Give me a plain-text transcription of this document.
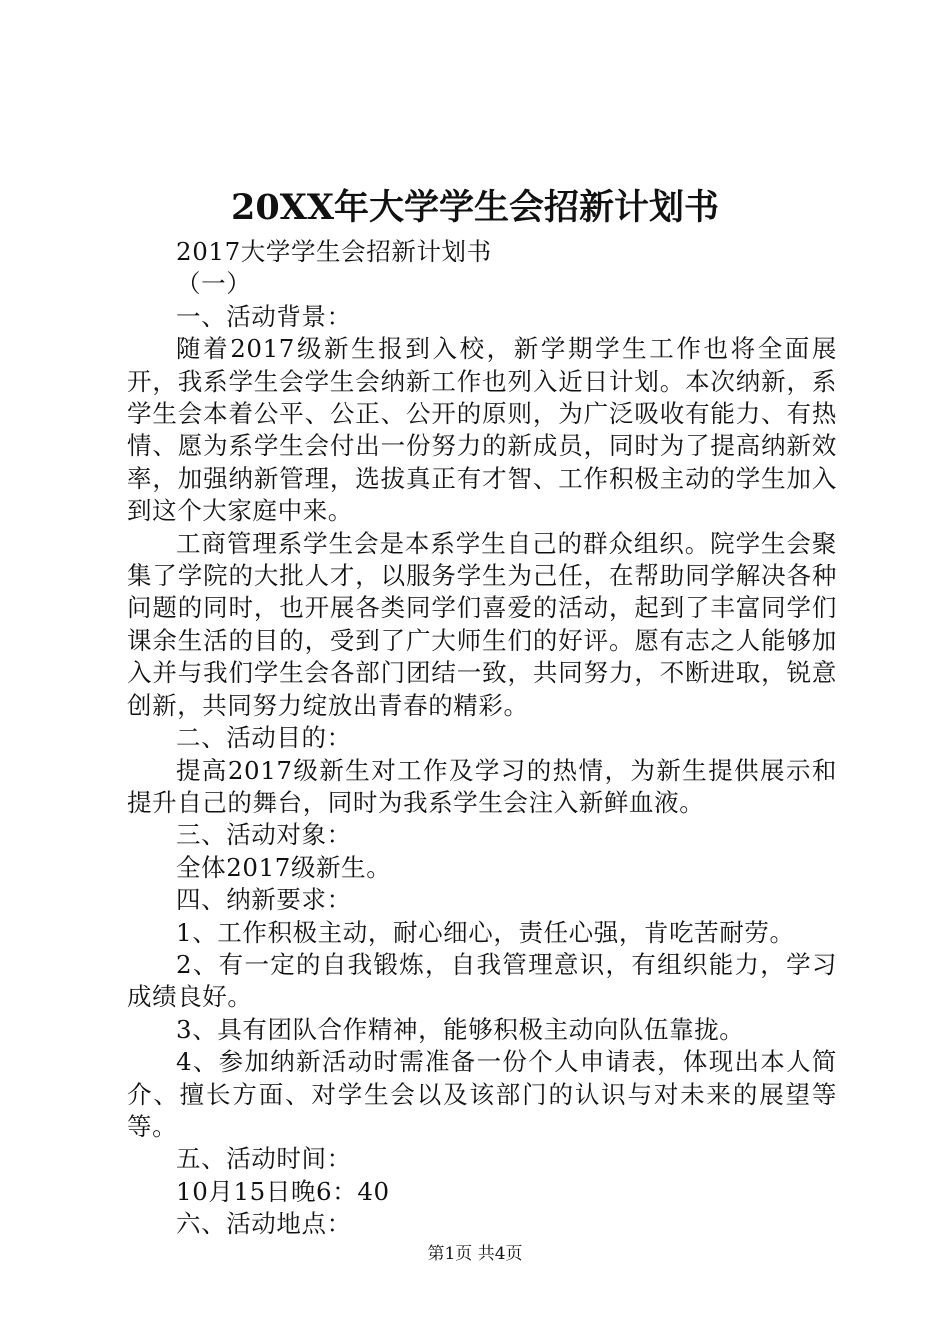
20XX年大学学生会招新计划书

2017大学学生会招新计划书

（一）

一、活动背景：

随着2017级新生报到入校，新学期学生工作也将全面展开，我系学生会学生会纳新工作也列入近日计划。本次纳新，系学生会本着公平、公正、公开的原则，为广泛吸收有能力、有热情、愿为系学生会付出一份努力的新成员，同时为了提高纳新效率，加强纳新管理，选拔真正有才智、工作积极主动的学生加入到这个大家庭中来。

工商管理系学生会是本系学生自己的群众组织。院学生会聚集了学院的大批人才，以服务学生为己任，在帮助同学解决各种问题的同时，也开展各类同学们喜爱的活动，起到了丰富同学们课余生活的目的，受到了广大师生们的好评。愿有志之人能够加入并与我们学生会各部门团结一致，共同努力，不断进取，锐意创新，共同努力绽放出青春的精彩。

二、活动目的：

提高2017级新生对工作及学习的热情，为新生提供展示和提升自己的舞台，同时为我系学生会注入新鲜血液。

三、活动对象：

全体2017级新生。

四、纳新要求：

1、工作积极主动，耐心细心，责任心强，肯吃苦耐劳。

2、有一定的自我锻炼，自我管理意识，有组织能力，学习成绩良好。

3、具有团队合作精神，能够积极主动向队伍靠拢。

4、参加纳新活动时需准备一份个人申请表，体现出本人简介、擅长方面、对学生会以及该部门的认识与对未来的展望等等。

五、活动时间：

10月15日晚6：40

六、活动地点：

第1页 共4页
